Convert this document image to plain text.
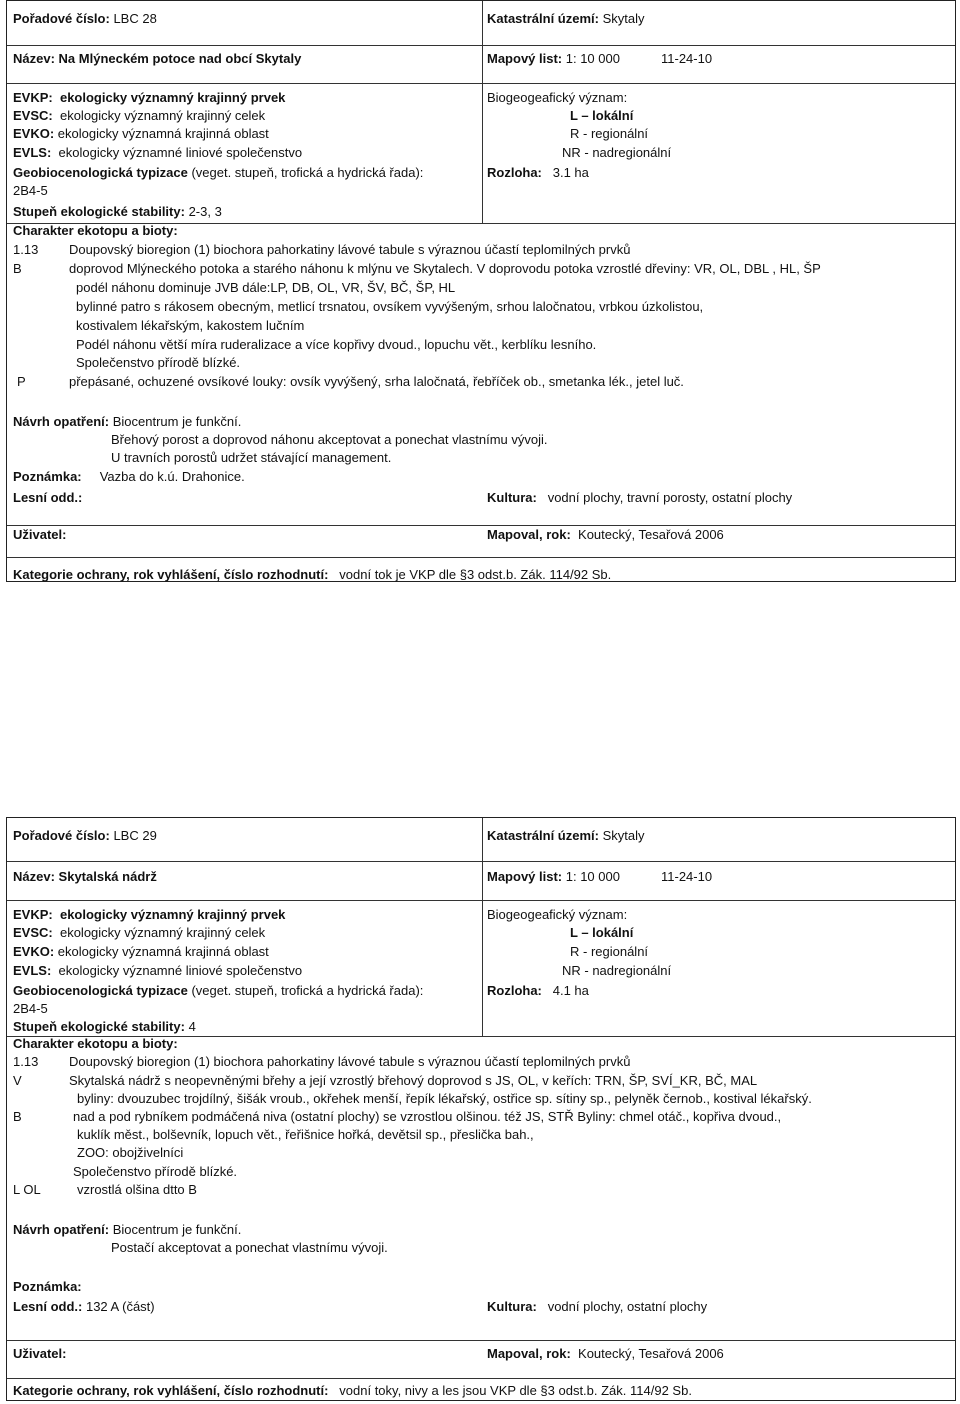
Pořadové číslo: LBC 28	Katastrální území: Skytaly
Název: Na Mlýneckém potoce nad obcí Skytaly	Mapový list: 1: 10 000	11-24-10
EVKP: ekologicky významný krajinný prvek
EVSC: ekologicky významný krajinný celek
EVKO: ekologicky významná krajinná oblast
EVLS: ekologicky významné liniové společenstvo
Geobiocenologická typizace (veget. stupeň, trofická a hydrická řada):
2B4-5
Stupeň ekologické stability: 2-3, 3
Biogeogeafický význam:
L – lokální
R - regionální
NR - nadregionální
Rozloha: 3.1 ha
Charakter ekotopu a bioty:
1.13 Doupovský bioregion (1) biochora pahorkatiny lávové tabule s výraznou účastí teplomilných prvků
B	doprovod Mlýneckého potoka a starého náhonu k mlýnu ve Skytalech. V doprovodu potoka vzrostlé dřeviny: VR, OL, DBL , HL, ŠP
podél náhonu dominuje JVB dále:LP, DB, OL, VR, ŠV, BČ, ŠP, HL
bylinné patro s rákosem obecným, metlicí trsnatou, ovsíkem vyvýšeným, srhou laločnatou, vrbkou úzkolistou,
kostivalem lékařským, kakostem lučním
Podél náhonu větší míra ruderalizace a více kopřivy dvoud., lopuchu vět., kerblíku lesního.
Společenstvo přírodě blízké.
P	přepásané, ochuzené ovsíkové louky: ovsík vyvýšený, srha laločnatá, řebříček ob., smetanka lék., jetel luč.
Návrh opatření: Biocentrum je funkční.
Břehový porost a doprovod náhonu akceptovat a ponechat vlastnímu vývoji.
U travních porostů udržet stávající management.
Poznámka: Vazba do k.ú. Drahonice.
Lesní odd.:	Kultura: vodní plochy, travní porosty, ostatní plochy
Uživatel:	Mapoval, rok: Koutecký, Tesařová 2006
Kategorie ochrany, rok vyhlášení, číslo rozhodnutí: vodní tok je VKP dle §3 odst.b. Zák. 114/92 Sb.
Pořadové číslo: LBC 29	Katastrální území: Skytaly
Název: Skytalská nádrž	Mapový list: 1: 10 000	11-24-10
EVKP: ekologicky významný krajinný prvek
EVSC: ekologicky významný krajinný celek
EVKO: ekologicky významná krajinná oblast
EVLS: ekologicky významné liniové společenstvo
Geobiocenologická typizace (veget. stupeň, trofická a hydrická řada):
2B4-5
Stupeň ekologické stability: 4
Biogeogeafický význam:
L – lokální
R - regionální
NR - nadregionální
Rozloha: 4.1 ha
Charakter ekotopu a bioty:
1.13 Doupovský bioregion (1) biochora pahorkatiny lávové tabule s výraznou účastí teplomilných prvků
V	Skytalská nádrž s neopevněnými břehy a její vzrostlý břehový doprovod s JS, OL, v keřích: TRN, ŠP, SVÍ_KR, BČ, MAL
byliny: dvouzubec trojdílný, šišák vroub., okřehek menší, řepík lékařský, ostřice sp. sítiny sp., pelyněk černob., kostival lékařský.
B	nad a pod rybníkem podmáčená niva (ostatní plochy) se vzrostlou olšinou. též JS, STŘ Byliny: chmel otáč., kopřiva dvoud.,
kuklík měst., bolševník, lopuch vět., řeřišnice hořká, devětsil sp., přeslička bah.,
ZOO: obojživelníci
Společenstvo přírodě blízké.
L OL	vzrostlá olšina dtto B
Návrh opatření: Biocentrum je funkční.
Postačí akceptovat a ponechat vlastnímu vývoji.
Poznámka:
Lesní odd.: 132 A (část)	Kultura: vodní plochy, ostatní plochy
Uživatel:	Mapoval, rok: Koutecký, Tesařová 2006
Kategorie ochrany, rok vyhlášení, číslo rozhodnutí: vodní toky, nivy a les jsou VKP dle §3 odst.b. Zák. 114/92 Sb.
